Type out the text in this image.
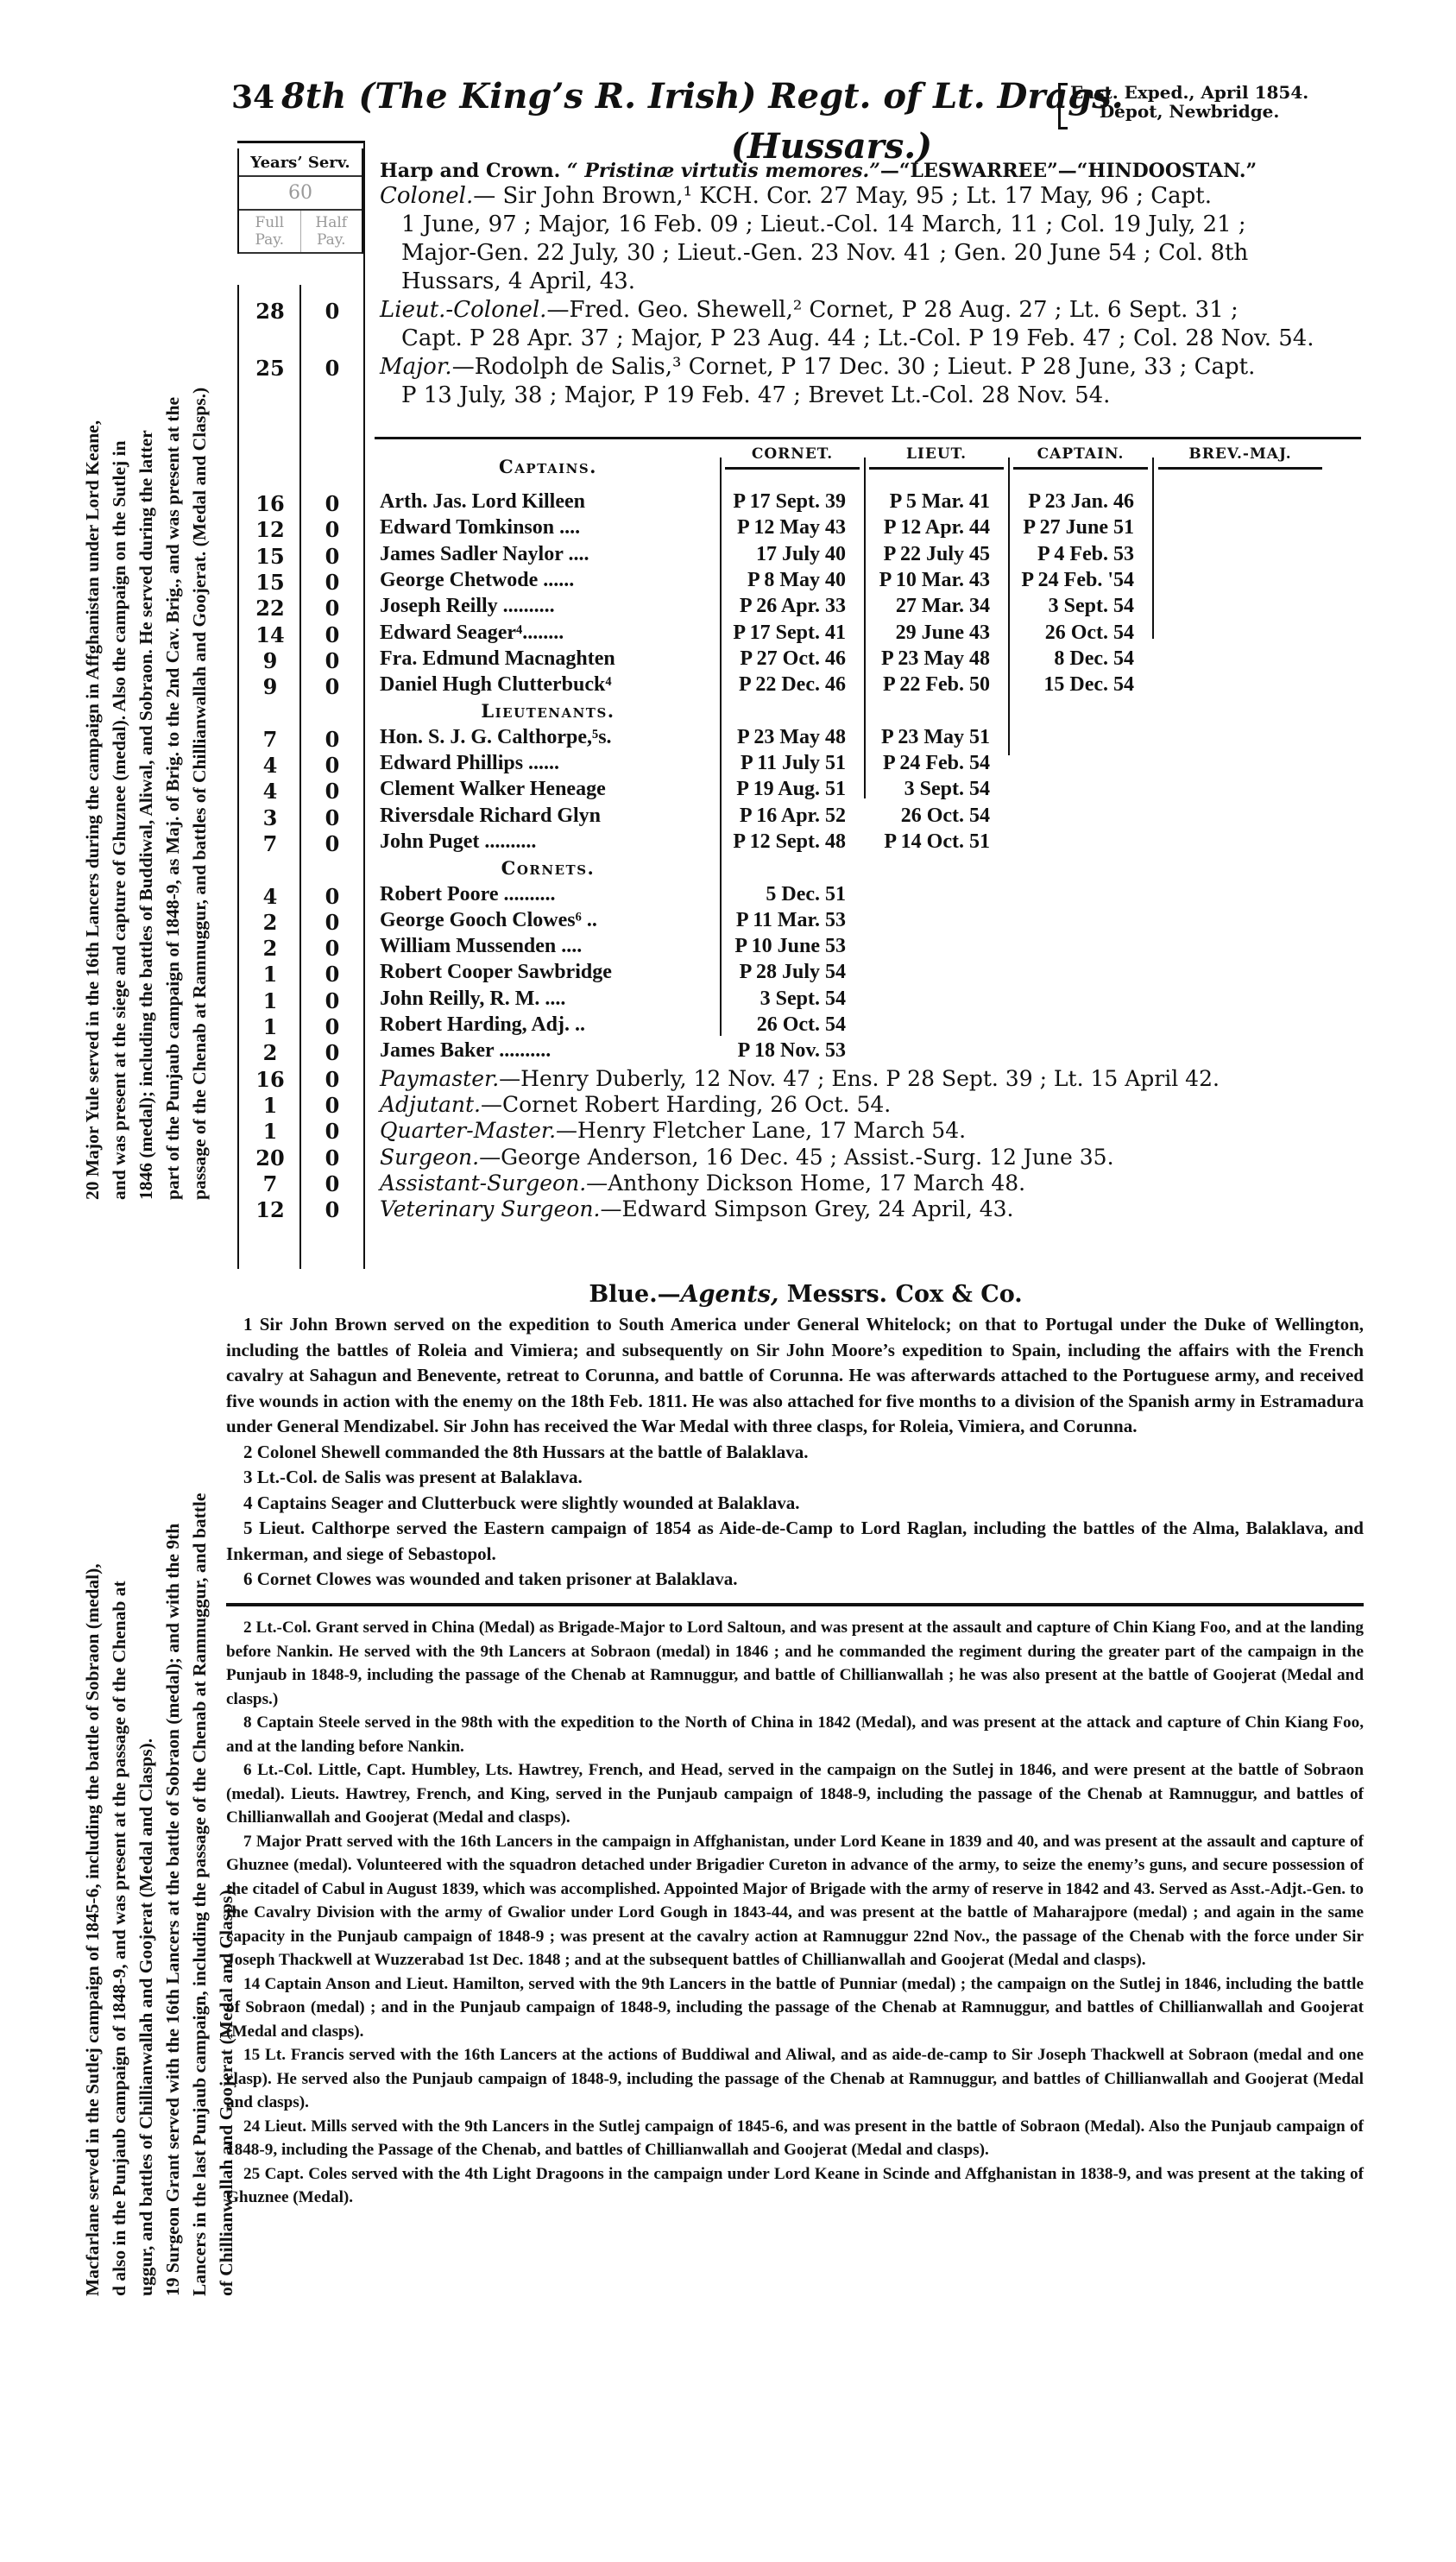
20 Major Yule served in the 16th Lancers during the campaign in Affghanistan under Lord Keane, and was present at the siege and capture of Ghuznee (medal). Also the campaign on the Sutlej in 1846 (medal); including the battles of Buddiwal, Aliwal, and Sobraon. He served during the latter part of the Punjaub campaign of 1848-9, as Maj. of Brig. to the 2nd Cav. Brig., and was present at the passage of the Chenab at Ramnuggur, and battles of Chillianwallah and Goojerat. (Medal and Clasps.)
Macfarlane served in the Sutlej campaign of 1845-6, including the battle of Sobraon (medal), d also in the Punjaub campaign of 1848-9, and was present at the passage of the Chenab at uggur, and battles of Chillianwallah and Goojerat (Medal and Clasps). 19 Surgeon Grant served with the 16th Lancers at the battle of Sobraon (medal); and with the 9th Lancers in the last Punjaub campaign, including the passage of the Chenab at Ramnuggur, and battle of Chillianwallah and Goojerat (Medal and Clasps).
34 8th (The King’s R. Irish) Regt. of Lt. Drags.
(Hussars.)
East. Exped., April 1854.
Depot, Newbridge.
Years’ Serv.
60
Full Pay.
Half Pay.
Harp and Crown. “ Pristinæ virtutis memores.”—“LESWARREE”—“HINDOOSTAN.”
Colonel.— Sir John Brown,¹ KCH. Cor. 27 May, 95 ; Lt. 17 May, 96 ; Capt.
1 June, 97 ; Major, 16 Feb. 09 ; Lieut.-Col. 14 March, 11 ; Col. 19 July, 21 ;
Major-Gen. 22 July, 30 ; Lieut.-Gen. 23 Nov. 41 ; Gen. 20 June 54 ; Col. 8th
Hussars, 4 April, 43.
28	0	Lieut.-Colonel.—Fred. Geo. Shewell,² Cornet, P 28 Aug. 27 ; Lt. 6 Sept. 31 ;
Capt. P 28 Apr. 37 ; Major, P 23 Aug. 44 ; Lt.-Col. P 19 Feb. 47 ; Col. 28 Nov. 54.
25	0	Major.—Rodolph de Salis,³ Cornet, P 17 Dec. 30 ; Lieut. P 28 June, 33 ; Capt.
P 13 July, 38 ; Major, P 19 Feb. 47 ; Brevet Lt.-Col. 28 Nov. 54.
Captains.
CORNET.	LIEUT.	CAPTAIN.	BREV.-MAJ.
16	0	Arth. Jas. Lord Killeen	P 17 Sept. 39	P 5 Mar. 41	P 23 Jan. 46
12	0	Edward Tomkinson ....	P 12 May 43	P 12 Apr. 44	P 27 June 51
15	0	James Sadler Naylor ....	17 July 40	P 22 July 45	P 4 Feb. 53
15	0	George Chetwode ......	P 8 May 40	P 10 Mar. 43	P 24 Feb. '54
22	0	Joseph Reilly ..........	P 26 Apr. 33	27 Mar. 34	3 Sept. 54
14	0	Edward Seager⁴........	P 17 Sept. 41	29 June 43	26 Oct. 54
9	0	Fra. Edmund Macnaghten	P 27 Oct. 46	P 23 May 48	8 Dec. 54
9	0	Daniel Hugh Clutterbuck⁴	P 22 Dec. 46	P 22 Feb. 50	15 Dec. 54
Lieutenants.
7	0	Hon. S. J. G. Calthorpe,⁵s.	P 23 May 48	P 23 May 51
4	0	Edward Phillips ......	P 11 July 51	P 24 Feb. 54
4	0	Clement Walker Heneage	P 19 Aug. 51	3 Sept. 54
3	0	Riversdale Richard Glyn	P 16 Apr. 52	26 Oct. 54
7	0	John Puget ..........	P 12 Sept. 48	P 14 Oct. 51
Cornets.
4	0	Robert Poore ..........	5 Dec. 51
2	0	George Gooch Clowes⁶ ..	P 11 Mar. 53
2	0	William Mussenden ....	P 10 June 53
1	0	Robert Cooper Sawbridge	P 28 July 54
1	0	John Reilly, R. M. ....	3 Sept. 54
1	0	Robert Harding, Adj. ..	26 Oct. 54
2	0	James Baker ..........	P 18 Nov. 53
16	0	Paymaster.—Henry Duberly, 12 Nov. 47 ; Ens. P 28 Sept. 39 ; Lt. 15 April 42.
1	0	Adjutant.—Cornet Robert Harding, 26 Oct. 54.
1	0	Quarter-Master.—Henry Fletcher Lane, 17 March 54.
20	0	Surgeon.—George Anderson, 16 Dec. 45 ; Assist.-Surg. 12 June 35.
7	0	Assistant-Surgeon.—Anthony Dickson Home, 17 March 48.
12	0	Veterinary Surgeon.—Edward Simpson Grey, 24 April, 43.
Blue.—Agents, Messrs. Cox & Co.

1 Sir John Brown served on the expedition to South America under General Whitelock; on that to Portugal under the Duke of Wellington, including the battles of Roleia and Vimiera; and subsequently on Sir John Moore’s expedition to Spain, including the affairs with the French cavalry at Sahagun and Benevente, retreat to Corunna, and battle of Corunna. He was afterwards attached to the Portuguese army, and received five wounds in action with the enemy on the 18th Feb. 1811. He was also attached for five months to a division of the Spanish army in Estramadura under General Mendizabel. Sir John has received the War Medal with three clasps, for Roleia, Vimiera, and Corunna.

2 Colonel Shewell commanded the 8th Hussars at the battle of Balaklava.

3 Lt.-Col. de Salis was present at Balaklava.

4 Captains Seager and Clutterbuck were slightly wounded at Balaklava.

5 Lieut. Calthorpe served the Eastern campaign of 1854 as Aide-de-Camp to Lord Raglan, including the battles of the Alma, Balaklava, and Inkerman, and siege of Sebastopol.

6 Cornet Clowes was wounded and taken prisoner at Balaklava.

2 Lt.-Col. Grant served in China (Medal) as Brigade-Major to Lord Saltoun, and was present at the assault and capture of Chin Kiang Foo, and at the landing before Nankin. He served with the 9th Lancers at Sobraon (medal) in 1846 ; and he commanded the regiment during the greater part of the campaign in the Punjaub in 1848-9, including the passage of the Chenab at Ramnuggur, and battle of Chillianwallah ; he was also present at the battle of Goojerat (Medal and clasps.)

8 Captain Steele served in the 98th with the expedition to the North of China in 1842 (Medal), and was present at the attack and capture of Chin Kiang Foo, and at the landing before Nankin.

6 Lt.-Col. Little, Capt. Humbley, Lts. Hawtrey, French, and Head, served in the campaign on the Sutlej in 1846, and were present at the battle of Sobraon (medal). Lieuts. Hawtrey, French, and King, served in the Punjaub campaign of 1848-9, including the passage of the Chenab at Ramnuggur, and battles of Chillianwallah and Goojerat (Medal and clasps).

7 Major Pratt served with the 16th Lancers in the campaign in Affghanistan, under Lord Keane in 1839 and 40, and was present at the assault and capture of Ghuznee (medal). Volunteered with the squadron detached under Brigadier Cureton in advance of the army, to seize the enemy’s guns, and secure possession of the citadel of Cabul in August 1839, which was accomplished. Appointed Major of Brigade with the army of reserve in 1842 and 43. Served as Asst.-Adjt.-Gen. to the Cavalry Division with the army of Gwalior under Lord Gough in 1843-44, and was present at the battle of Maharajpore (medal) ; and again in the same capacity in the Punjaub campaign of 1848-9 ; was present at the cavalry action at Ramnuggur 22nd Nov., the passage of the Chenab with the force under Sir Joseph Thackwell at Wuzzerabad 1st Dec. 1848 ; and at the subsequent battles of Chillianwallah and Goojerat (Medal and clasps).

14 Captain Anson and Lieut. Hamilton, served with the 9th Lancers in the battle of Punniar (medal) ; the campaign on the Sutlej in 1846, including the battle of Sobraon (medal) ; and in the Punjaub campaign of 1848-9, including the passage of the Chenab at Ramnuggur, and battles of Chillianwallah and Goojerat (Medal and clasps).

15 Lt. Francis served with the 16th Lancers at the actions of Buddiwal and Aliwal, and as aide-de-camp to Sir Joseph Thackwell at Sobraon (medal and one clasp). He served also the Punjaub campaign of 1848-9, including the passage of the Chenab at Ramnuggur, and battles of Chillianwallah and Goojerat (Medal and clasps).

24 Lieut. Mills served with the 9th Lancers in the Sutlej campaign of 1845-6, and was present in the battle of Sobraon (Medal). Also the Punjaub campaign of 1848-9, including the Passage of the Chenab, and battles of Chillianwallah and Goojerat (Medal and clasps).

25 Capt. Coles served with the 4th Light Dragoons in the campaign under Lord Keane in Scinde and Affghanistan in 1838-9, and was present at the taking of Ghuznee (Medal).
